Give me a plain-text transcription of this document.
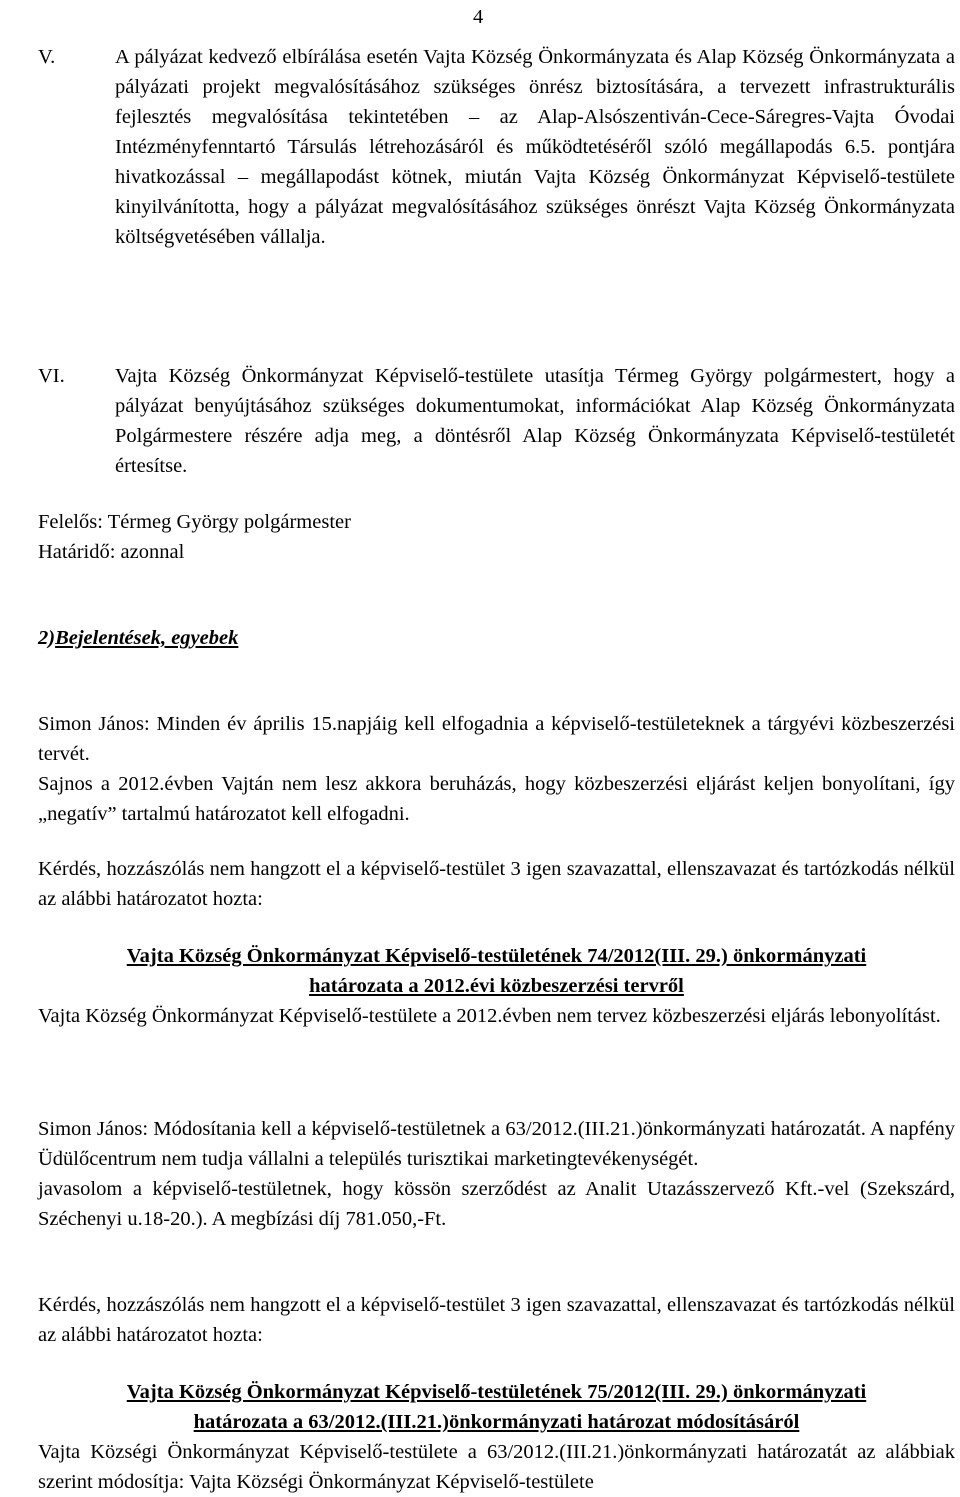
4
V.	A pályázat kedvező elbírálása esetén Vajta Község Önkormányzata és Alap Község Önkormányzata a pályázati projekt megvalósításához szükséges önrész biztosítására, a tervezett infrastrukturális fejlesztés megvalósítása tekintetében – az Alap-Alsószentiván-Cece-Sáregres-Vajta Óvodai Intézményfenntartó Társulás létrehozásáról és működtetéséről szóló megállapodás 6.5. pontjára hivatkozással – megállapodást kötnek, miután Vajta Község Önkormányzat Képviselő-testülete kinyilvánította, hogy a pályázat megvalósításához szükséges önrészt Vajta Község Önkormányzata költségvetésében vállalja.

VI. Vajta Község Önkormányzat Képviselő-testülete utasítja Térmeg György polgármestert, hogy a pályázat benyújtásához szükséges dokumentumokat, információkat Alap Község Önkormányzata Polgármestere részére adja meg, a döntésről Alap Község Önkormányzata Képviselő-testületét értesítse.

Felelős: Térmeg György polgármester

Határidő: azonnal

2)Bejelentések, egyebek

Simon János: Minden év április 15.napjáig kell elfogadnia a képviselő-testületeknek a tárgyévi közbeszerzési tervét.

Sajnos a 2012.évben Vajtán nem lesz akkora beruházás, hogy közbeszerzési eljárást keljen bonyolítani, így „negatív” tartalmú határozatot kell elfogadni.

Kérdés, hozzászólás nem hangzott el a képviselő-testület 3 igen szavazattal, ellenszavazat és tartózkodás nélkül az alábbi határozatot hozta:

Vajta Község Önkormányzat Képviselő-testületének 74/2012(III. 29.) önkormányzati

határozata a 2012.évi közbeszerzési tervről

Vajta Község Önkormányzat Képviselő-testülete a 2012.évben nem tervez közbeszerzési eljárás lebonyolítást.

Simon János: Módosítania kell a képviselő-testületnek a 63/2012.(III.21.)önkormányzati határozatát. A napfény Üdülőcentrum nem tudja vállalni a település turisztikai marketingtevékenységét.

javasolom a képviselő-testületnek, hogy kössön szerződést az Analit Utazásszervező Kft.-vel (Szekszárd, Széchenyi u.18-20.). A megbízási díj 781.050,-Ft.

Kérdés, hozzászólás nem hangzott el a képviselő-testület 3 igen szavazattal, ellenszavazat és tartózkodás nélkül az alábbi határozatot hozta:

Vajta Község Önkormányzat Képviselő-testületének 75/2012(III. 29.) önkormányzati

határozata a 63/2012.(III.21.)önkormányzati határozat módosításáról

Vajta Községi Önkormányzat Képviselő-testülete a 63/2012.(III.21.)önkormányzati határozatát az alábbiak szerint módosítja: Vajta Községi Önkormányzat Képviselő-testülete
